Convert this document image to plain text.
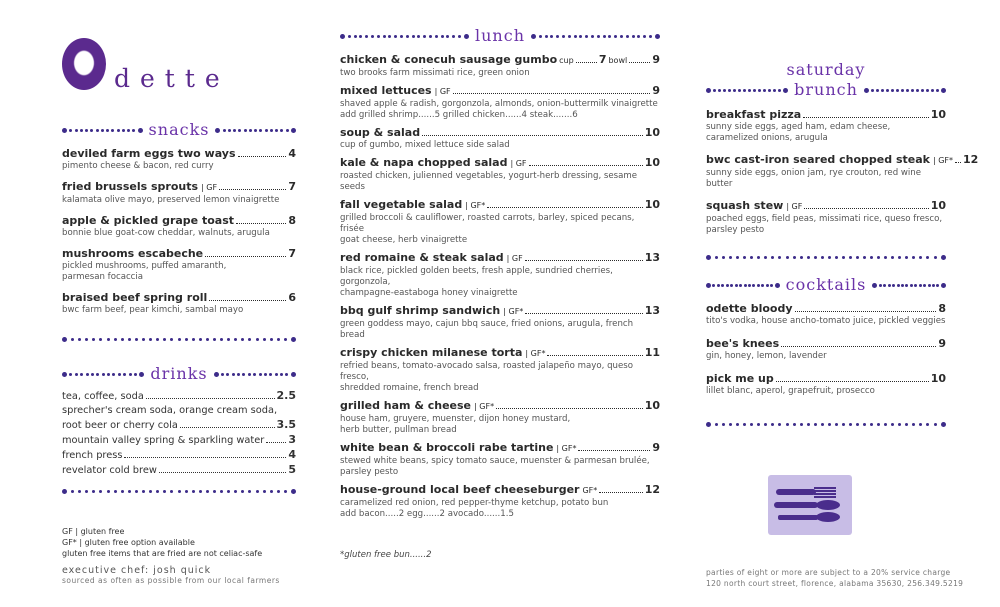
dette
snacks
deviled farm eggs two ways	4
pimento cheese & bacon, red curry
fried brussels sprouts | GF	7
kalamata olive mayo, preserved lemon vinaigrette
apple & pickled grape toast	8
bonnie blue goat-cow cheddar, walnuts, arugula
mushrooms escabeche	7
pickled mushrooms, puffed amaranth,
parmesan focaccia
braised beef spring roll	6
bwc farm beef, pear kimchi, sambal mayo
drinks
tea, coffee, soda	2.5
sprecher's cream soda, orange cream soda,
root beer or cherry cola	3.5
mountain valley spring & sparkling water 3
french press	4
revelator cold brew	5
GF | gluten free
GF* | gluten free option available
gluten free items that are fried are not celiac-safe
executive chef: josh quick
sourced as often as possible from our local farmers
lunch
chicken & conecuh sausage gumbo cup 7 bowl 9
two brooks farm missimati rice, green onion
mixed lettuces | GF	9
shaved apple & radish, gorgonzola, almonds, onion-buttermilk vinaigrette
add grilled shrimp......5 grilled chicken......4 steak.......6
soup & salad	10
cup of gumbo, mixed lettuce side salad
kale & napa chopped salad | GF	10
roasted chicken, julienned vegetables, yogurt-herb dressing, sesame seeds
fall vegetable salad | GF*	10
grilled broccoli & cauliflower, roasted carrots, barley, spiced pecans, frisée
goat cheese, herb vinaigrette
red romaine & steak salad | GF	13
black rice, pickled golden beets, fresh apple, sundried cherries, gorgonzola,
champagne-eastaboga honey vinaigrette
bbq gulf shrimp sandwich | GF*	13
green goddess mayo, cajun bbq sauce, fried onions, arugula, french bread
crispy chicken milanese torta | GF*	11
refried beans, tomato-avocado salsa, roasted jalapeño mayo, queso fresco,
shredded romaine, french bread
grilled ham & cheese | GF*	10
house ham, gruyere, muenster, dijon honey mustard,
herb butter, pullman bread
white bean & broccoli rabe tartine | GF*	9
stewed white beans, spicy tomato sauce, muenster & parmesan brulée,
parsley pesto
house-ground local beef cheeseburger GF*	12
caramelized red onion, red pepper-thyme ketchup, potato bun
add bacon.....2 egg......2 avocado......1.5
*gluten free bun......2
saturday
brunch
breakfast pizza	10
sunny side eggs, aged ham, edam cheese,
caramelized onions, arugula
bwc cast-iron seared chopped steak | GF* 12
sunny side eggs, onion jam, rye crouton, red wine butter
squash stew | GF	10
poached eggs, field peas, missimati rice, queso fresco,
parsley pesto
cocktails
odette bloody	8
tito's vodka, house ancho-tomato juice, pickled veggies
bee's knees	9
gin, honey, lemon, lavender
pick me up	10
lillet blanc, aperol, grapefruit, prosecco
parties of eight or more are subject to a 20% service charge
120 north court street, florence, alabama 35630, 256.349.5219
